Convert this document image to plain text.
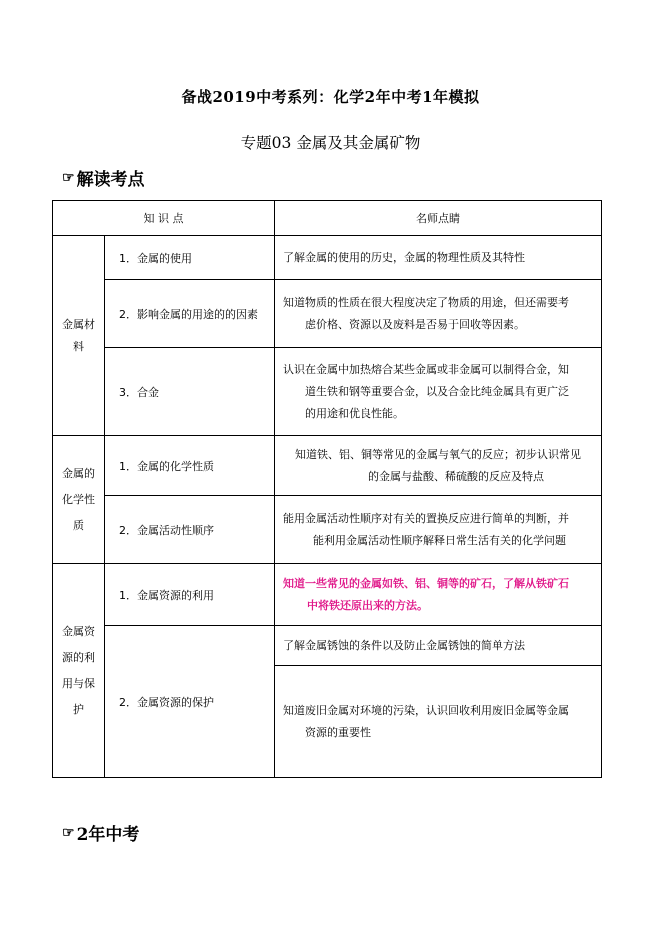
备战2019中考系列：化学2年中考1年模拟
专题03 金属及其金属矿物
☞ 解读考点
知 识 点		名师点睛
金属材料	1．金属的使用	了解金属的使用的历史，金属的物理性质及其特性
	2．影响金属的用途的的因素	知道物质的性质在很大程度决定了物质的用途，但还需要考
虑价格、资源以及废料是否易于回收等因素。

	3．合金	认识在金属中加热熔合某些金属或非金属可以制得合金，知
道生铁和钢等重要合金，以及合金比纯金属具有更广泛
的用途和优良性能。

金属的化学性质	1．金属的化学性质	知道铁、铝、铜等常见的金属与氧气的反应；初步认识常见
的金属与盐酸、稀硫酸的反应及特点

	2．金属活动性顺序	能用金属活动性顺序对有关的置换反应进行简单的判断，并
能利用金属活动性顺序解释日常生活有关的化学问题

金属资源的利用与保护	1．金属资源的利用	知道一些常见的金属如铁、铝、铜等的矿石，了解从铁矿石
中将铁还原出来的方法。

	2．金属资源的保护	了解金属锈蚀的条件以及防止金属锈蚀的简单方法

		知道废旧金属对环境的污染，认识回收利用废旧金属等金属
资源的重要性
☞ 2年中考
